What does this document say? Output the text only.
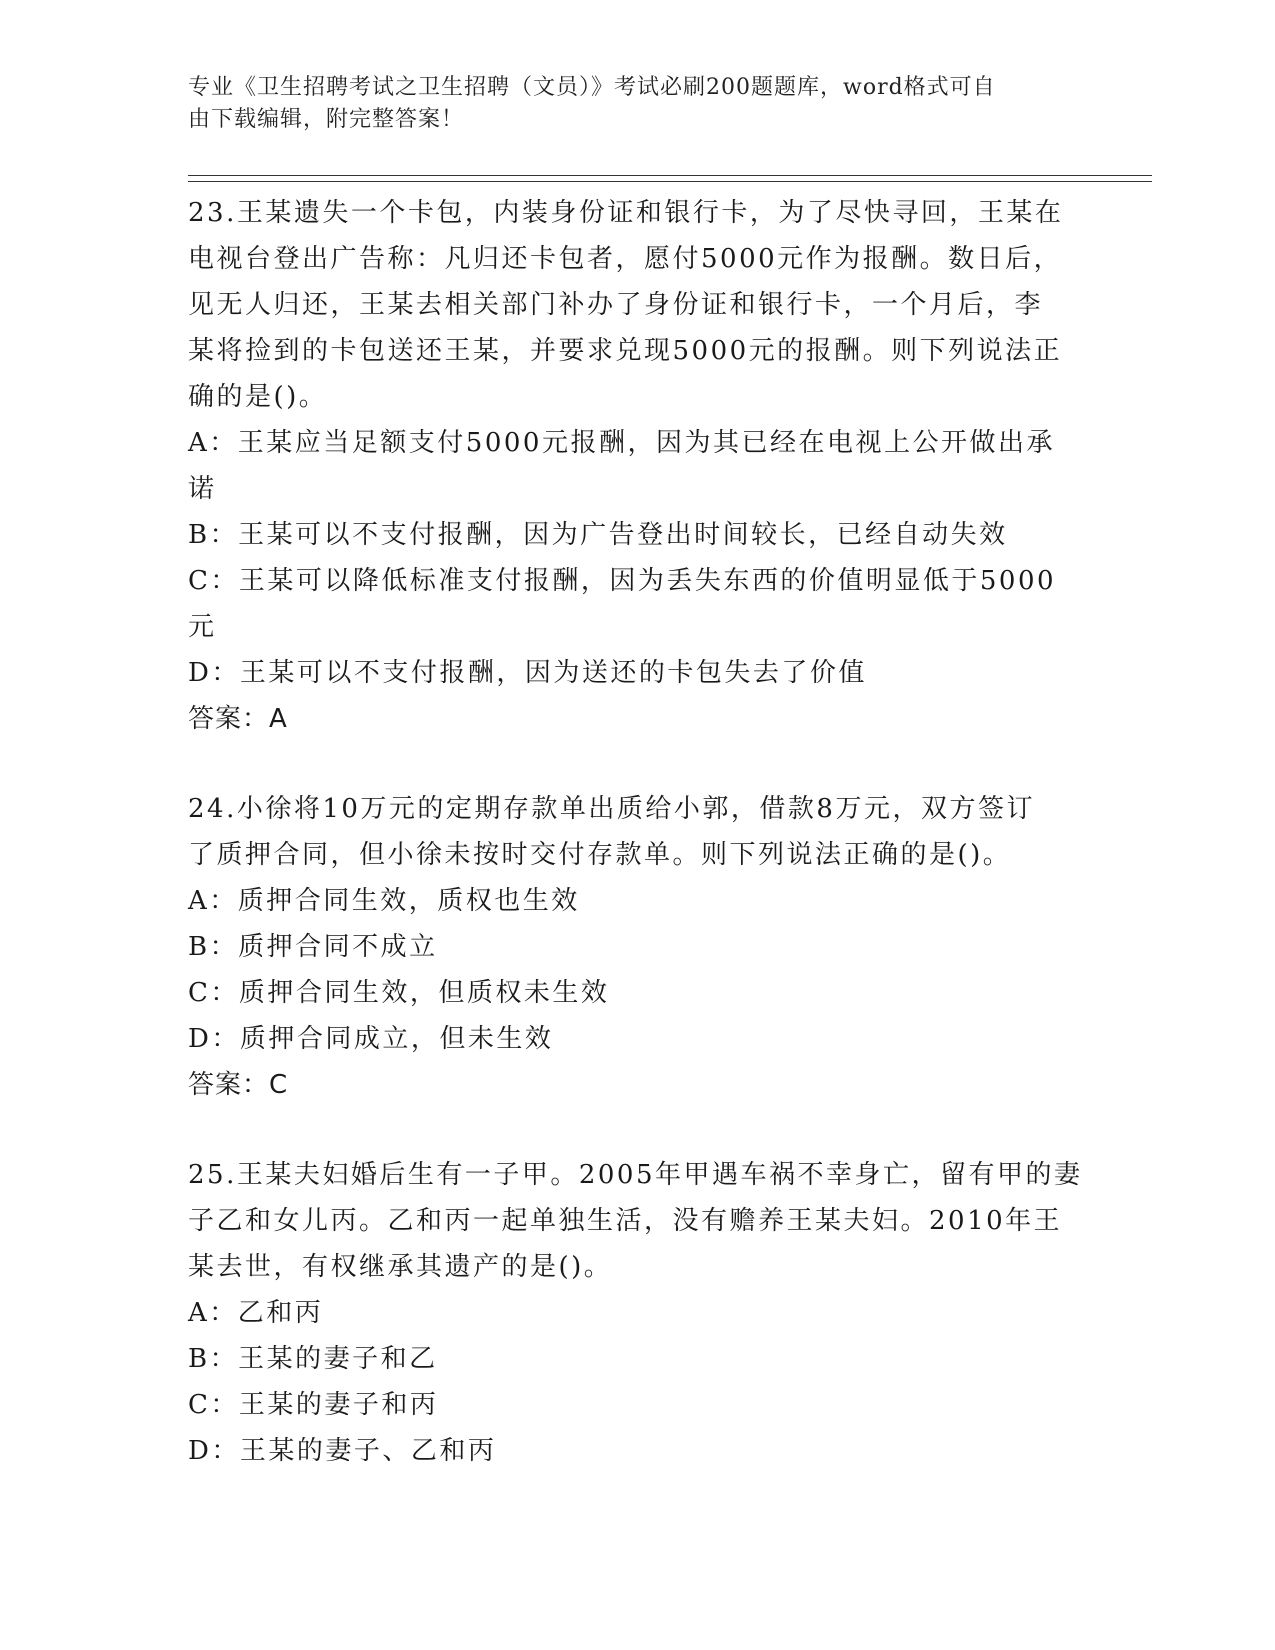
专业《卫生招聘考试之卫生招聘（文员）》考试必刷200题题库，word格式可自
由下载编辑，附完整答案！

23.王某遗失一个卡包，内装身份证和银行卡，为了尽快寻回，王某在

电视台登出广告称：凡归还卡包者，愿付5000元作为报酬。数日后，

见无人归还，王某去相关部门补办了身份证和银行卡，一个月后，李

某将捡到的卡包送还王某，并要求兑现5000元的报酬。则下列说法正

确的是()。

A：王某应当足额支付5000元报酬，因为其已经在电视上公开做出承

诺

B：王某可以不支付报酬，因为广告登出时间较长，已经自动失效

C：王某可以降低标准支付报酬，因为丢失东西的价值明显低于5000

元

D：王某可以不支付报酬，因为送还的卡包失去了价值

答案：A

24.小徐将10万元的定期存款单出质给小郭，借款8万元，双方签订

了质押合同，但小徐未按时交付存款单。则下列说法正确的是()。

A：质押合同生效，质权也生效

B：质押合同不成立

C：质押合同生效，但质权未生效

D：质押合同成立，但未生效

答案：C

25.王某夫妇婚后生有一子甲。2005年甲遇车祸不幸身亡，留有甲的妻

子乙和女儿丙。乙和丙一起单独生活，没有赡养王某夫妇。2010年王

某去世，有权继承其遗产的是()。

A：乙和丙

B：王某的妻子和乙

C：王某的妻子和丙

D：王某的妻子、乙和丙
